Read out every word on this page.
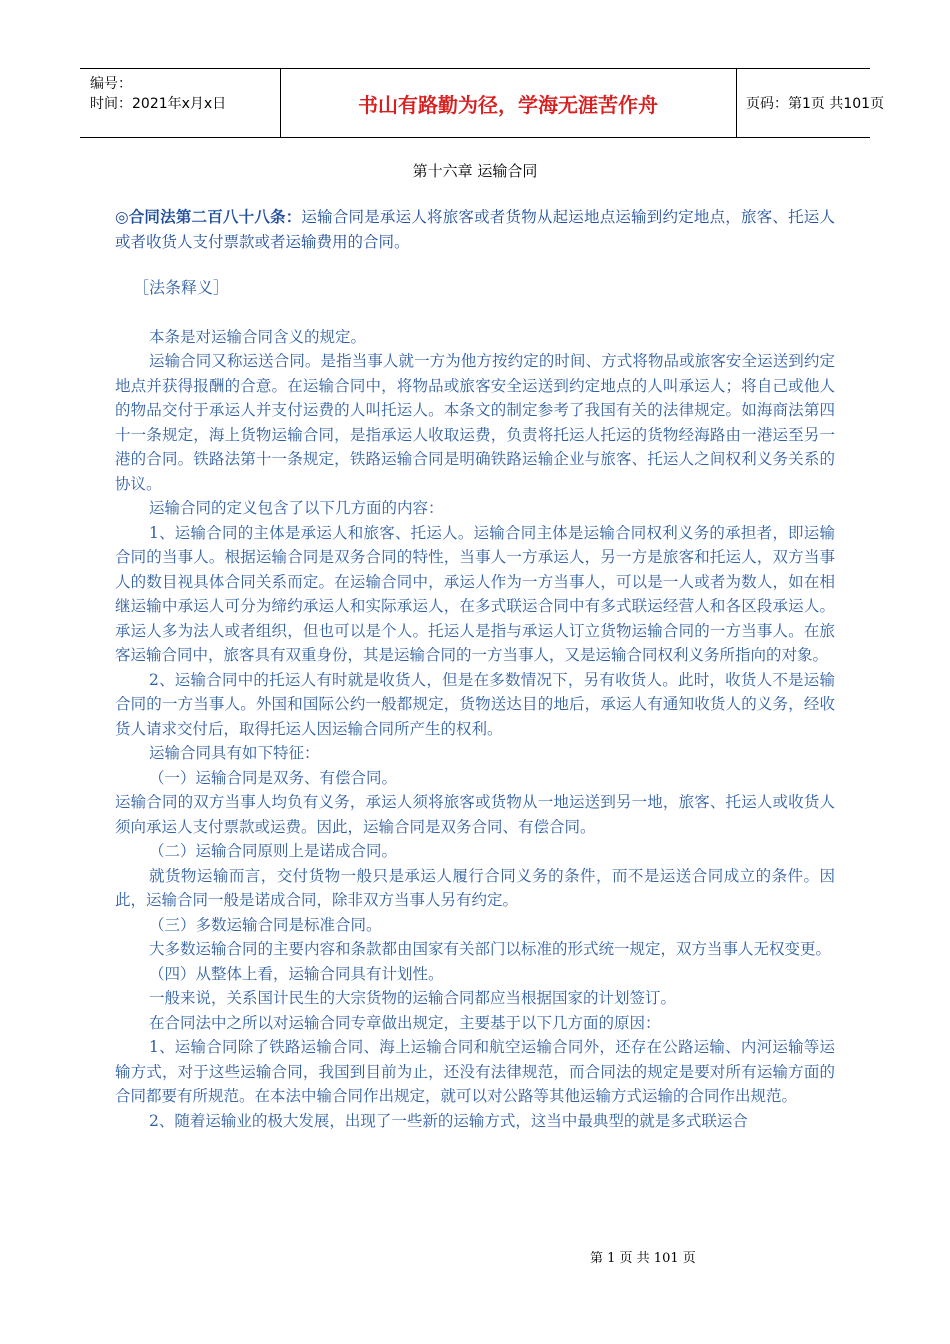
编号：
时间：2021年x月x日	书山有路勤为径，学海无涯苦作舟	页码：第1页 共101页
第十六章 运输合同

◎合同法第二百八十八条：运输合同是承运人将旅客或者货物从起运地点运输到约定地点，旅客、托运人或者收货人支付票款或者运输费用的合同。

［法条释义］

本条是对运输合同含义的规定。

运输合同又称运送合同。是指当事人就一方为他方按约定的时间、方式将物品或旅客安全运送到约定地点并获得报酬的合意。在运输合同中，将物品或旅客安全运送到约定地点的人叫承运人；将自己或他人的物品交付于承运人并支付运费的人叫托运人。本条文的制定参考了我国有关的法律规定。如海商法第四十一条规定，海上货物运输合同，是指承运人收取运费，负责将托运人托运的货物经海路由一港运至另一港的合同。铁路法第十一条规定，铁路运输合同是明确铁路运输企业与旅客、托运人之间权利义务关系的协议。

运输合同的定义包含了以下几方面的内容：

1、运输合同的主体是承运人和旅客、托运人。运输合同主体是运输合同权利义务的承担者，即运输合同的当事人。根据运输合同是双务合同的特性，当事人一方承运人，另一方是旅客和托运人，双方当事人的数目视具体合同关系而定。在运输合同中，承运人作为一方当事人，可以是一人或者为数人，如在相继运输中承运人可分为缔约承运人和实际承运人，在多式联运合同中有多式联运经营人和各区段承运人。承运人多为法人或者组织，但也可以是个人。托运人是指与承运人订立货物运输合同的一方当事人。在旅客运输合同中，旅客具有双重身份，其是运输合同的一方当事人，又是运输合同权利义务所指向的对象。

2、运输合同中的托运人有时就是收货人，但是在多数情况下，另有收货人。此时，收货人不是运输合同的一方当事人。外国和国际公约一般都规定，货物送达目的地后，承运人有通知收货人的义务，经收货人请求交付后，取得托运人因运输合同所产生的权利。

运输合同具有如下特征：

（一）运输合同是双务、有偿合同。

运输合同的双方当事人均负有义务，承运人须将旅客或货物从一地运送到另一地，旅客、托运人或收货人须向承运人支付票款或运费。因此，运输合同是双务合同、有偿合同。

（二）运输合同原则上是诺成合同。

就货物运输而言，交付货物一般只是承运人履行合同义务的条件，而不是运送合同成立的条件。因此，运输合同一般是诺成合同，除非双方当事人另有约定。

（三）多数运输合同是标准合同。

大多数运输合同的主要内容和条款都由国家有关部门以标准的形式统一规定，双方当事人无权变更。

（四）从整体上看，运输合同具有计划性。

一般来说，关系国计民生的大宗货物的运输合同都应当根据国家的计划签订。

在合同法中之所以对运输合同专章做出规定，主要基于以下几方面的原因：

1、运输合同除了铁路运输合同、海上运输合同和航空运输合同外，还存在公路运输、内河运输等运输方式，对于这些运输合同，我国到目前为止，还没有法律规范，而合同法的规定是要对所有运输方面的合同都要有所规范。在本法中输合同作出规定，就可以对公路等其他运输方式运输的合同作出规范。

2、随着运输业的极大发展，出现了一些新的运输方式，这当中最典型的就是多式联运合

第 1 页 共 101 页
